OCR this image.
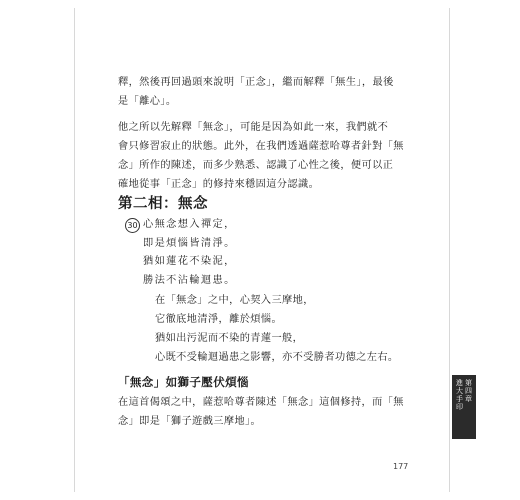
釋，然後再回過頭來說明「正念」，繼而解釋「無生」，最後
是「離心」。

他之所以先解釋「無念」，可能是因為如此一來，我們就不
會只修習寂止的狀態。此外，在我們透過薩惹哈尊者針對「無
念」所作的陳述，而多少熟悉、認識了心性之後，便可以正
確地從事「正念」的修持來穩固這分認識。

第二相：無念
30 心無念想入禪定，
即是煩惱皆清淨。
猶如蓮花不染泥，
勝法不沾輪迴患。
在「無念」之中，心契入三摩地，
它徹底地清淨，離於煩惱。
猶如出污泥而不染的青蓮一般，
心既不受輪迴過患之影響，亦不受勝者功德之左右。
「無念」如獅子壓伏煩惱

在這首偈頌之中，薩惹哈尊者陳述「無念」這個修持，而「無
念」即是「獅子遊戲三摩地」。

第
四
章
進
大
手
印
177
